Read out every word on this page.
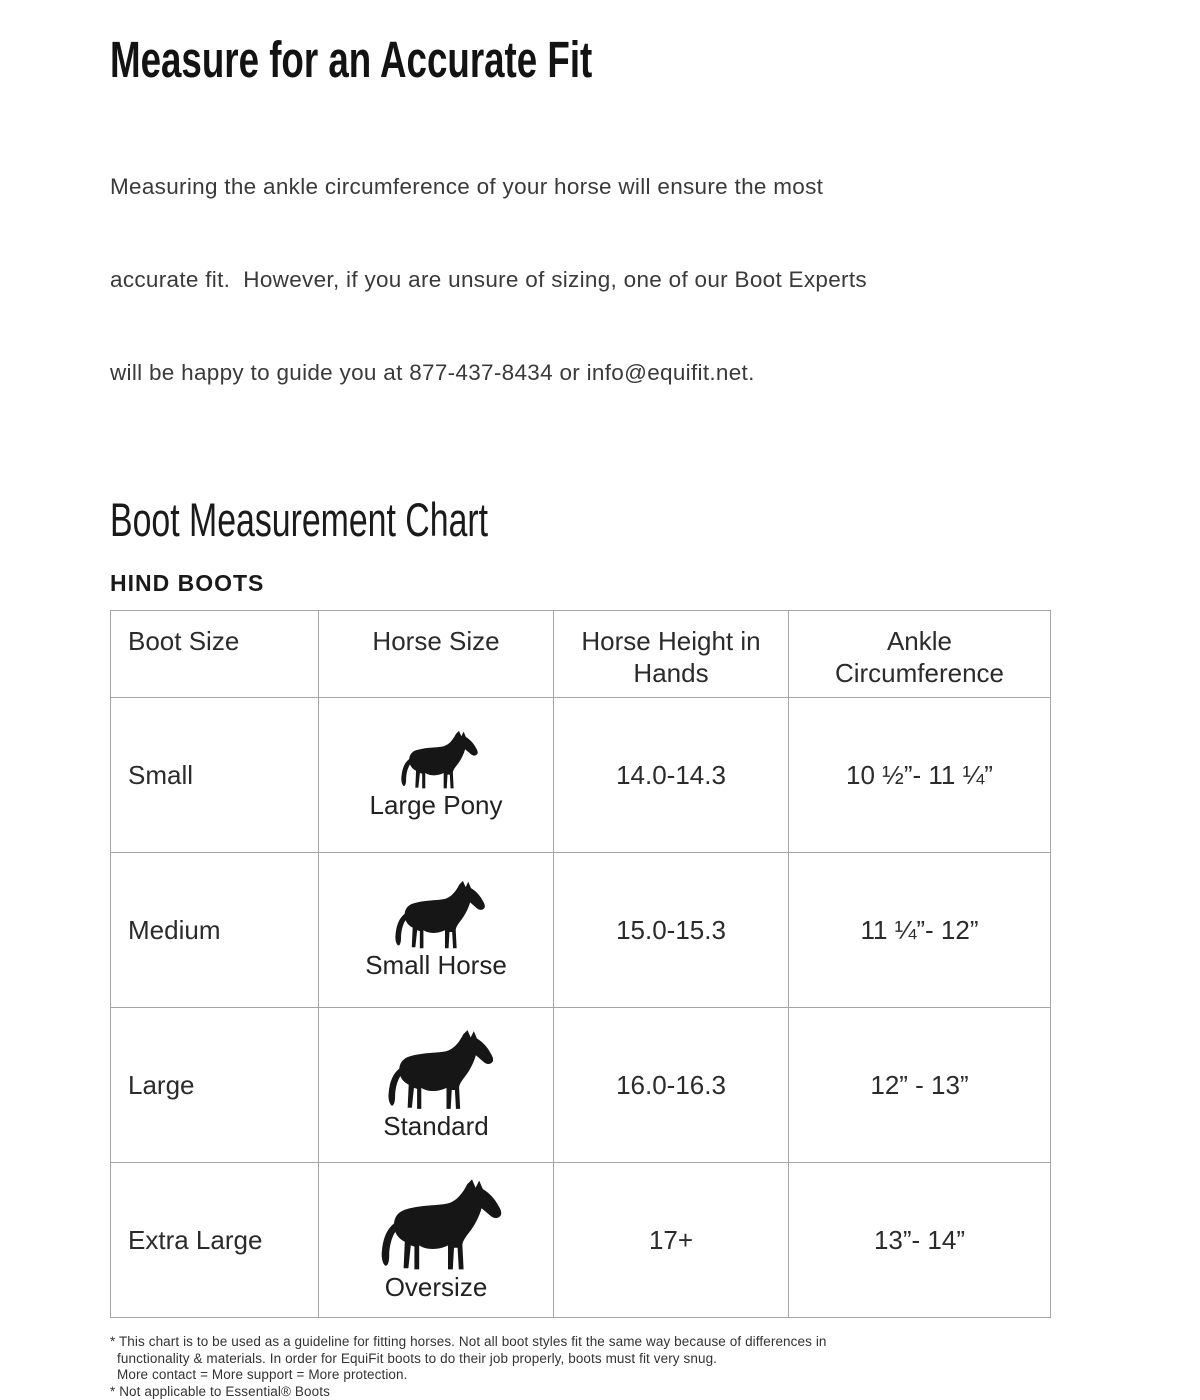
Measure for an Accurate Fit

Measuring the ankle circumference of your horse will ensure the most

accurate fit.  However, if you are unsure of sizing, one of our Boot Experts

will be happy to guide you at 877-437-8434 or info@equifit.net.

Boot Measurement Chart
HIND BOOTS
Boot Size	Horse Size	Horse Height in Hands	Ankle Circumference
Small	Large Pony	14.0-14.3	10 ½”- 11 ¼”
Medium	Small Horse	15.0-15.3	11 ¼”- 12”
Large	Standard	16.0-16.3	12” - 13”
Extra Large	Oversize	17+	13”- 14”
* This chart is to be used as a guideline for fitting horses. Not all boot styles fit the same way because of differences in
functionality & materials. In order for EquiFit boots to do their job properly, boots must fit very snug.
More contact = More support = More protection.
* Not applicable to Essential® Boots
